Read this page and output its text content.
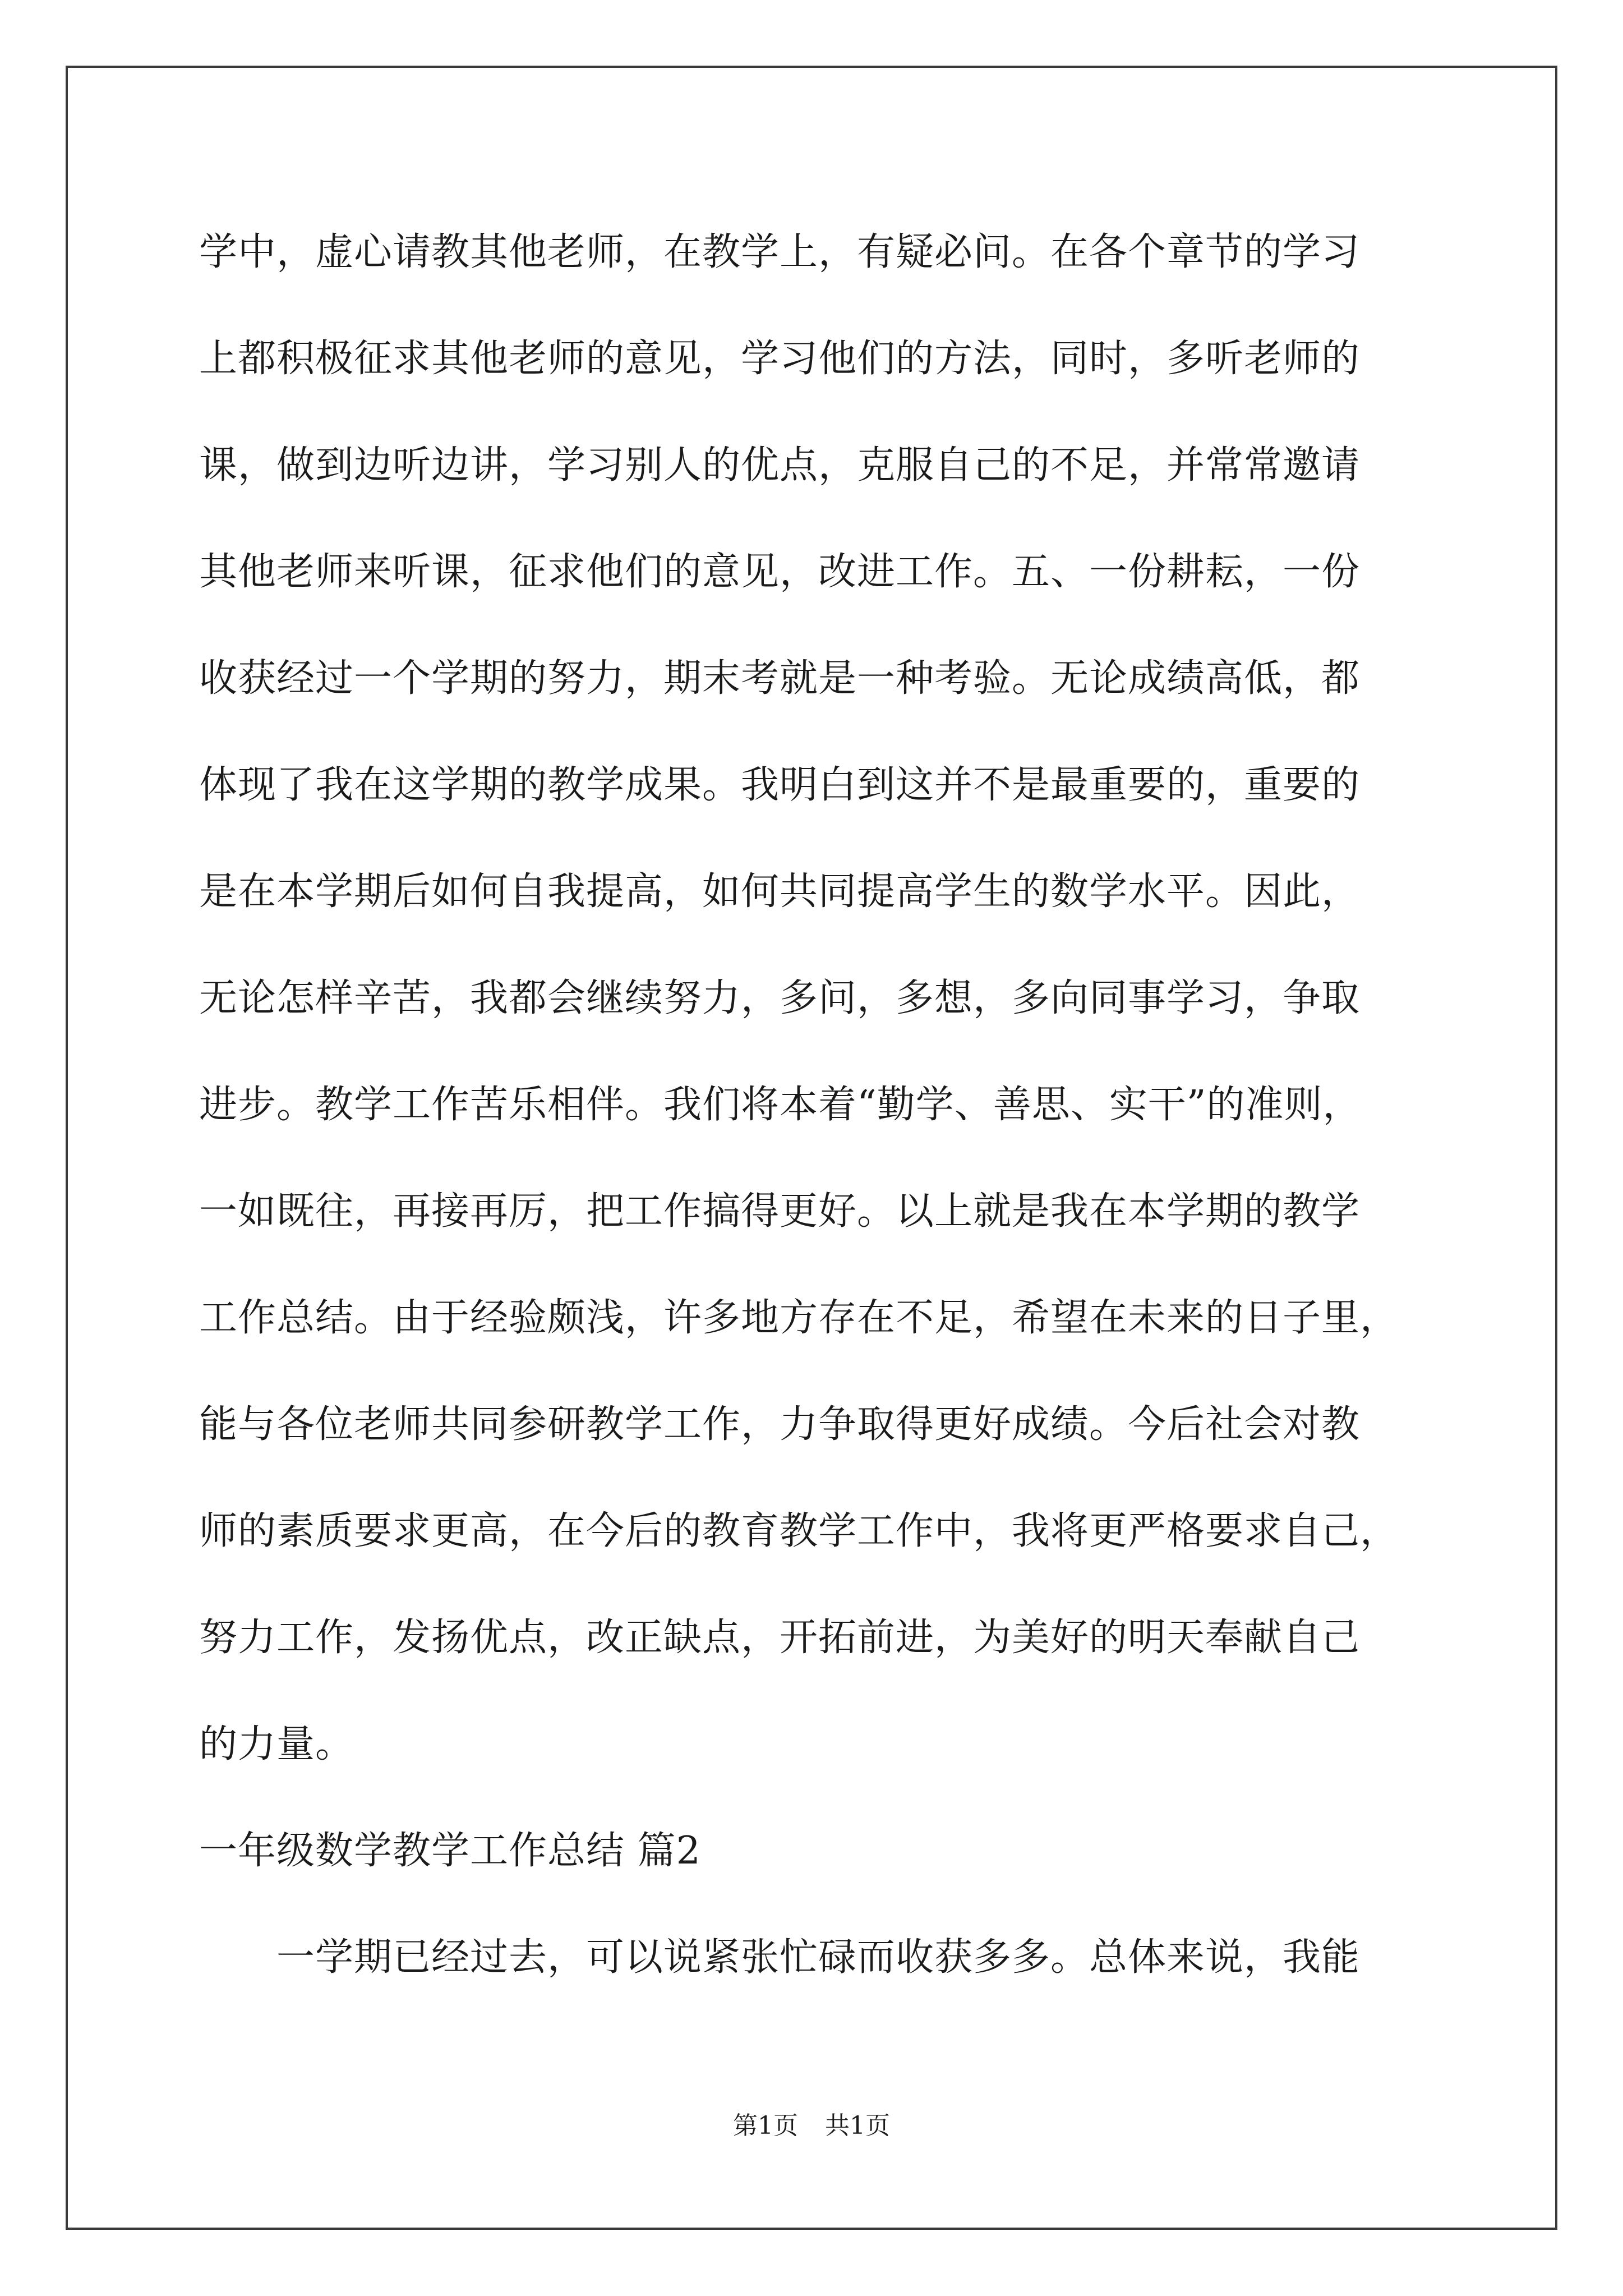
学中，虚心请教其他老师，在教学上，有疑必问。在各个章节的学习
上都积极征求其他老师的意见，学习他们的方法，同时，多听老师的
课，做到边听边讲，学习别人的优点，克服自己的不足，并常常邀请
其他老师来听课，征求他们的意见，改进工作。五、一份耕耘，一份
收获经过一个学期的努力，期末考就是一种考验。无论成绩高低，都
体现了我在这学期的教学成果。我明白到这并不是最重要的，重要的
是在本学期后如何自我提高，如何共同提高学生的数学水平。因此，
无论怎样辛苦，我都会继续努力，多问，多想，多向同事学习，争取
进步。教学工作苦乐相伴。我们将本着“勤学、善思、实干”的准则，
一如既往，再接再厉，把工作搞得更好。以上就是我在本学期的教学
工作总结。由于经验颇浅，许多地方存在不足，希望在未来的日子里，
能与各位老师共同参研教学工作，力争取得更好成绩。今后社会对教
师的素质要求更高，在今后的教育教学工作中，我将更严格要求自己，
努力工作，发扬优点，改正缺点，开拓前进，为美好的明天奉献自己
的力量。
一年级数学教学工作总结 篇2
　　一学期已经过去，可以说紧张忙碌而收获多多。总体来说，我能
第1页 共1页
